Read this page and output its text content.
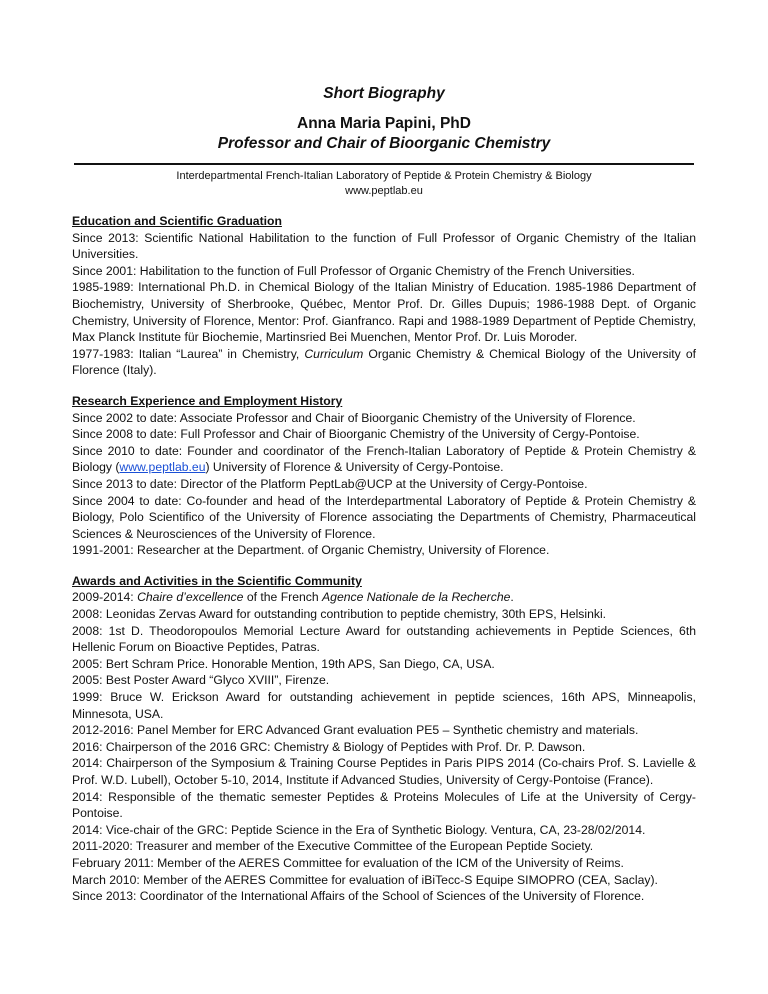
Short Biography
Anna Maria Papini, PhD
Professor and Chair of Bioorganic Chemistry
Interdepartmental French-Italian Laboratory of Peptide & Protein Chemistry & Biology
www.peptlab.eu
Education and Scientific Graduation

Since 2013: Scientific National Habilitation to the function of Full Professor of Organic Chemistry of the Italian Universities.

Since 2001: Habilitation to the function of Full Professor of Organic Chemistry of the French Universities.

1985-1989: International Ph.D. in Chemical Biology of the Italian Ministry of Education. 1985-1986 Department of Biochemistry, University of Sherbrooke, Québec, Mentor Prof. Dr. Gilles Dupuis; 1986-1988 Dept. of Organic Chemistry, University of Florence, Mentor: Prof. Gianfranco. Rapi and 1988-1989 Department of Peptide Chemistry, Max Planck Institute für Biochemie, Martinsried Bei Muenchen, Mentor Prof. Dr. Luis Moroder.

1977-1983: Italian “Laurea” in Chemistry, Curriculum Organic Chemistry & Chemical Biology of the University of Florence (Italy).

Research Experience and Employment History

Since 2002 to date: Associate Professor and Chair of Bioorganic Chemistry of the University of Florence.

Since 2008 to date: Full Professor and Chair of Bioorganic Chemistry of the University of Cergy-Pontoise.

Since 2010 to date: Founder and coordinator of the French-Italian Laboratory of Peptide & Protein Chemistry & Biology (www.peptlab.eu) University of Florence & University of Cergy-Pontoise.

Since 2013 to date: Director of the Platform PeptLab@UCP at the University of Cergy-Pontoise.

Since 2004 to date: Co-founder and head of the Interdepartmental Laboratory of Peptide & Protein Chemistry & Biology, Polo Scientifico of the University of Florence associating the Departments of Chemistry, Pharmaceutical Sciences & Neurosciences of the University of Florence.

1991-2001: Researcher at the Department. of Organic Chemistry, University of Florence.

Awards and Activities in the Scientific Community

2009-2014: Chaire d’excellence of the French Agence Nationale de la Recherche.

2008: Leonidas Zervas Award for outstanding contribution to peptide chemistry, 30th EPS, Helsinki.

2008: 1st D. Theodoropoulos Memorial Lecture Award for outstanding achievements in Peptide Sciences, 6th Hellenic Forum on Bioactive Peptides, Patras.

2005: Bert Schram Price. Honorable Mention, 19th APS, San Diego, CA, USA.

2005: Best Poster Award “Glyco XVIII”, Firenze.

1999: Bruce W. Erickson Award for outstanding achievement in peptide sciences, 16th APS, Minneapolis, Minnesota, USA.

2012-2016: Panel Member for ERC Advanced Grant evaluation PE5 – Synthetic chemistry and materials.

2016: Chairperson of the 2016 GRC: Chemistry & Biology of Peptides with Prof. Dr. P. Dawson.

2014: Chairperson of the Symposium & Training Course Peptides in Paris PIPS 2014 (Co-chairs Prof. S. Lavielle & Prof. W.D. Lubell), October 5-10, 2014, Institute if Advanced Studies, University of Cergy-Pontoise (France).

2014: Responsible of the thematic semester Peptides & Proteins Molecules of Life at the University of Cergy-Pontoise.

2014: Vice-chair of the GRC: Peptide Science in the Era of Synthetic Biology. Ventura, CA, 23-28/02/2014.

2011-2020: Treasurer and member of the Executive Committee of the European Peptide Society.

February 2011: Member of the AERES Committee for evaluation of the ICM of the University of Reims.

March 2010: Member of the AERES Committee for evaluation of iBiTecc-S Equipe SIMOPRO (CEA, Saclay).

Since 2013: Coordinator of the International Affairs of the School of Sciences of the University of Florence.
